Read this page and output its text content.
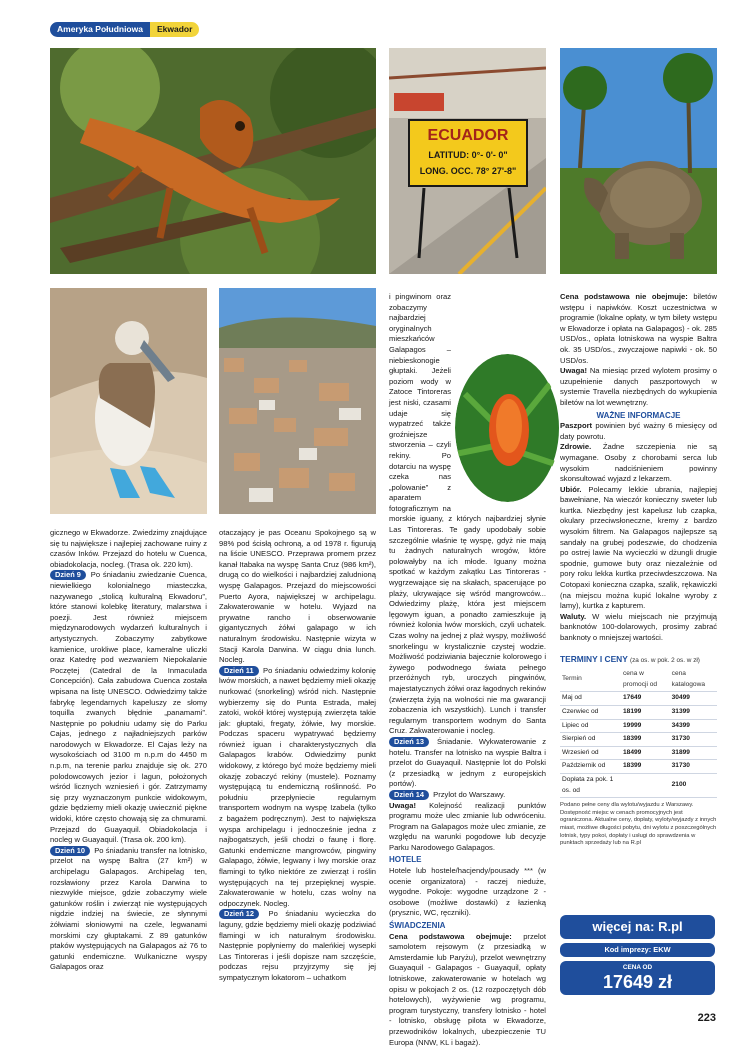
Ameryka Południowa	Ekwador
ECUADOR
LATITUD: 0°- 0'- 0"
LONG. OCC. 78° 27'-8"

gicznego w Ekwadorze. Zwiedzimy znajdujące się tu największe i najlepiej zachowane ruiny z czasów Inków. Przejazd do hotelu w Cuenca, obiadokolacja, nocleg. (Trasa ok. 220 km).

Dzień 9 Po śniadaniu zwiedzanie Cuenca, niewielkiego kolonialnego miasteczka, nazywanego „stolicą kulturalną Ekwadoru”, które stanowi kolebkę literatury, malarstwa i poezji. Jest również miejscem międzynarodowych wydarzeń kulturalnych i artystycznych. Zobaczymy zabytkowe kamienice, urokliwe place, kameralne uliczki oraz Katedrę pod wezwaniem Niepokalanie Poczętej (Catedral de la Inmaculada Concepción). Cała zabudowa Cuenca została wpisana na listę UNESCO. Odwiedzimy także fabrykę legendarnych kapeluszy ze słomy toquilla zwanych błędnie „panamami”. Następnie po południu udamy się do Parku Cajas, jednego z najładniejszych parków narodowych w Ekwadorze. El Cajas leży na wysokościach od 3100 m n.p.m do 4450 m n.p.m, na terenie parku znajduje się ok. 270 polodowcowych jezior i lagun, położonych wśród licznych wzniesień i gór. Zatrzymamy się przy wyznaczonym punkcie widokowym, gdzie będziemy mieli okazję uwiecznić piękne widoki, które często chowają się za chmurami. Przejazd do Guayaquil. Obiadokolacja i nocleg w Guayaquil. (Trasa ok. 200 km).

Dzień 10 Po śniadaniu transfer na lotnisko, przelot na wyspę Baltra (27 km²) w archipelagu Galapagos. Archipelag ten, rozsławiony przez Karola Darwina to niezwykłe miejsce, gdzie zobaczymy wiele gatunków roślin i zwierząt nie występujących nigdzie indziej na świecie, ze słynnymi żółwiami słoniowymi na czele, legwanami morskimi czy głuptakami. Z 89 gatunków ptaków występujących na Galapagos aż 76 to gatunki endemiczne. Wulkaniczne wyspy Galapagos oraz

otaczający je pas Oceanu Spokojnego są w 98% pod ścisłą ochroną, a od 1978 r. figurują na liście UNESCO. Przeprawa promem przez kanał Itabaka na wyspę Santa Cruz (986 km²), drugą co do wielkości i najbardziej zaludnioną wyspę Galapagos. Przejazd do miejscowości Puerto Ayora, największej w archipelagu. Zakwaterowanie w hotelu. Wyjazd na prywatne rancho i obserwowanie gigantycznych żółwi galapago w ich naturalnym środowisku. Następnie wizyta w Stacji Karola Darwina. W ciągu dnia lunch. Nocleg.

Dzień 11 Po śniadaniu odwiedzimy kolonię lwów morskich, a nawet będziemy mieli okazję nurkować (snorkeling) wśród nich. Następnie wybierzemy się do Punta Estrada, małej zatoki, wokół której występują zwierzęta takie jak: głuptaki, fregaty, żółwie, lwy morskie. Podczas spaceru wypatrywać będziemy również iguan i charakterystycznych dla Galapagos krabów. Odwiedzimy punkt widokowy, z którego być może będziemy mieli okazję zobaczyć rekiny (mustele). Poznamy występującą tu endemiczną roślinność. Po południu przepłyniecie regularnym transportem wodnym na wyspę Izabela (tylko z bagażem podręcznym). Jest to największa wyspa archipelagu i jednocześnie jedna z najbogatszych, jeśli chodzi o faunę i florę. Gatunki endemiczne mangrowców, pingwiny Galapago, żółwie, legwany i lwy morskie oraz flamingi to tylko niektóre ze zwierząt i roślin występujących na tej przepięknej wyspie. Zakwaterowanie w hotelu, czas wolny na odpoczynek. Nocleg.

Dzień 12 Po śniadaniu wycieczka do laguny, gdzie będziemy mieli okazję podziwiać flamingi w ich naturalnym środowisku. Następnie popłyniemy do maleńkiej wysepki Las Tintoreras i jeśli dopisze nam szczęście, podczas rejsu przyjrzymy się jej sympatycznym lokatorom – uchatkom

i pingwinom oraz zobaczymy najbardziej oryginalnych mieszkańców Galapagos – niebieskonogie głuptaki. Jeżeli poziom wody w Zatoce Tintoreras jest niski, czasami udaje się wypatrzeć także groźniejsze stworzenia – czyli rekiny. Po dotarciu na wyspę czeka nas „polowanie” z aparatem fotograficznym na morskie iguany, z których najbardziej słynie Las Tintoreras. Te gady upodobały sobie szczególnie właśnie tę wyspę, gdyż nie mają tu żadnych naturalnych wrogów, które polowałyby na ich młode. Iguany można spotkać w każdym zakątku Las Tintoreras - wygrzewające się na skałach, spacerujące po plaży, ukrywające się wśród mangrowców... Odwiedzimy plażę, która jest miejscem lęgowym iguan, a ponadto zamieszkuje ją również kolonia lwów morskich, czyli uchatek. Czas wolny na jednej z plaż wyspy, możliwość snorkelingu w krystalicznie czystej wodzie. Możliwość podziwiania bajecznie kolorowego i żywego podwodnego świata pełnego przeróżnych ryb, uroczych pingwinów, majestatycznych żółwi oraz łagodnych rekinów (zwierzęta żyją na wolności nie ma gwarancji zobaczenia ich wszystkich). Lunch i transfer regularnym transportem wodnym do Santa Cruz. Zakwaterowanie i nocleg.

Dzień 13 Śniadanie. Wykwaterowanie z hotelu. Transfer na lotnisko na wyspie Baltra i przelot do Guayaquil. Następnie lot do Polski (z przesiadką w jednym z europejskich portów).

Dzień 14 Przylot do Warszawy.

Uwaga! Kolejność realizacji punktów programu może ulec zmianie lub odwróceniu. Program na Galapagos może ulec zmianie, ze względu na warunki pogodowe lub decyzje Parku Narodowego Galapagos.

HOTELE

Hotele lub hostele/hacjendy/pousady *** (w ocenie organizatora) - raczej nieduże, wygodne. Pokoje: wygodne urządzone 2 - osobowe (możliwe dostawki) z łazienką (prysznic, WC, ręczniki).

ŚWIADCZENIA

Cena podstawowa obejmuje: przelot samolotem rejsowym (z przesiadką w Amsterdamie lub Paryżu), przelot wewnętrzny Guayaquil - Galapagos - Guayaquil, opłaty lotniskowe, zakwaterowanie w hotelach wg opisu w pokojach 2 os. (12 rozpoczętych dób hotelowych), wyżywienie wg programu, program turystyczny, transfery lotnisko - hotel - lotnisko, obsługę pilota w Ekwadorze, przewodników lokalnych, ubezpieczenie TU Europa (NNW, KL i bagaż).

Cena podstawowa nie obejmuje: biletów wstępu i napiwków. Koszt uczestnictwa w programie (lokalne opłaty, w tym bilety wstępu w Ekwadorze i opłata na Galapagos) - ok. 285 USD/os., opłata lotniskowa na wyspie Baltra ok. 35 USD/os., zwyczajowe napiwki - ok. 50 USD/os.

Uwaga! Na miesiąc przed wylotem prosimy o uzupełnienie danych paszportowych w systemie Travella niezbędnych do wykupienia biletów na lot wewnętrzny.

WAŻNE INFORMACJE

Paszport powinien być ważny 6 miesięcy od daty powrotu.

Zdrowie. Żadne szczepienia nie są wymagane. Osoby z chorobami serca lub wysokim nadciśnieniem powinny skonsultować wyjazd z lekarzem.

Ubiór. Polecamy lekkie ubrania, najlepiej bawełniane, Na wieczór konieczny sweter lub kurtka. Niezbędny jest kapelusz lub czapka, okulary przeciwsłoneczne, kremy z bardzo wysokim filtrem. Na Galapagos najlepsze są sandały na grubej podeszwie, do chodzenia po ostrej lawie Na wycieczki w dżungli drugie spodnie, gumowe buty oraz niezależnie od pory roku lekka kurtka przeciwdeszczowa. Na Cotopaxi konieczna czapka, szalik, rękawiczki (na miejscu można kupić lokalne wyroby z lamy), kurtka z kapturem.

Waluty. W wielu miejscach nie przyjmują banknotów 100-dolarowych, prosimy zabrać banknoty o mniejszej wartości.

TERMINY I CENY (za os. w pok. 2 os. w zł)
Termin	cena w promocji od	cena katalogowa
Maj od	17649	30499
Czerwiec od	18199	31399
Lipiec od	19999	34399
Sierpień od	18399	31730
Wrzesień od	18499	31899
Październik od	18399	31730
Dopłata za pok. 1 os. od		2100
Podano pełne ceny dla wylotu/wyjazdu z Warszawy. Dostępność miejsc w cenach promocyjnych jest ograniczona. Aktualne ceny, dopłaty, wyloty/wyjazdy z innych miast, możliwe długości pobytu, dni wylotu z poszczególnych lotnisk, typy pokoi, dopłaty i usługi do sprawdzenia w punktach sprzedaży lub na R.pl
więcej na: R.pl
Kod imprezy: EKW
CENA OD
17649 zł
223
